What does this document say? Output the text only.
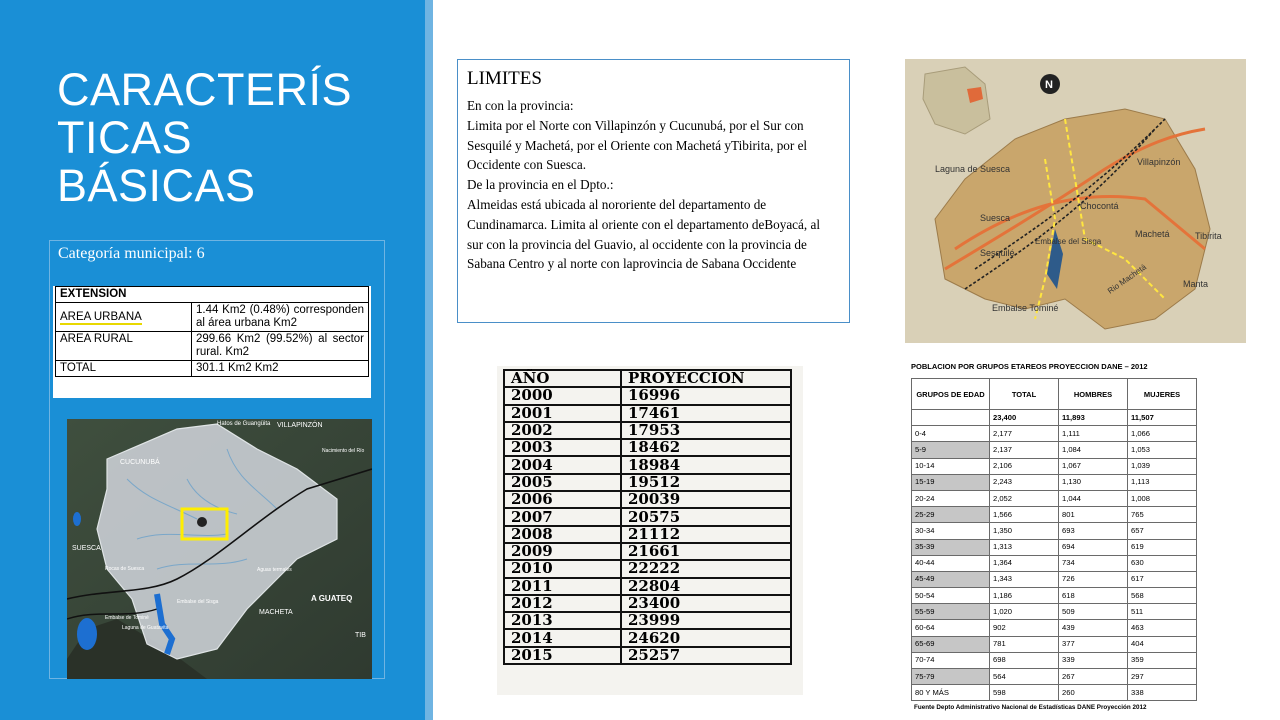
CARACTERÍS TICAS BÁSICAS
Categoría municipal: 6
EXTENSION	
AREA URBANA	1.44 Km2 (0.48%) corresponden al área urbana Km2
AREA RURAL	299.66 Km2 (99.52%) al sector rural. Km2
TOTAL	301.1 Km2 Km2
Hatos de Guangüita VILLAPINZÓN
CUCUNUBÁ
Nacimiento del Río
SUESCA
Rocas de Suesca	Aguas termales
Embalse del Sisga
MACHETA
A GUATEQ
Embalse de Tominé
Laguna de Guatavita
TIB
LIMITES
En con la provincia:
Limita por el Norte con Villapinzón y Cucunubá, por el Sur con Sesquilé y Machetá, por el Oriente con Machetá yTibirita, por el Occidente con Suesca.
De la provincia en el Dpto.:
Almeidas está ubicada al nororiente del departamento de Cundinamarca. Limita al oriente con el departamento deBoyacá, al sur con la provincia del Guavio, al occidente con la provincia de Sabana Centro y al norte con laprovincia de Sabana Occidente
N
Laguna de Suesca
Villapinzón
Chocontá
Machetá
Suesca
Sesquilé
Embalse del Sisga
Tibirita
Rio Machetá	Manta
Embalse Tominé
AÑO	PROYECCION
2000	16996
2001	17461
2002	17953
2003	18462
2004	18984
2005	19512
2006	20039
2007	20575
2008	21112
2009	21661
2010	22222
2011	22804
2012	23400
2013	23999
2014	24620
2015	25257
POBLACION POR GRUPOS ETAREOS PROYECCION DANE – 2012
GRUPOS DE EDAD	TOTAL	HOMBRES	MUJERES
	23,400	11,893	11,507
0-4	2,177	1,111	1,066
5-9	2,137	1,084	1,053
10-14	2,106	1,067	1,039
15-19	2,243	1,130	1,113
20-24	2,052	1,044	1,008
25-29	1,566	801	765
30-34	1,350	693	657
35-39	1,313	694	619
40-44	1,364	734	630
45-49	1,343	726	617
50-54	1,186	618	568
55-59	1,020	509	511
60-64	902	439	463
65-69	781	377	404
70-74	698	339	359
75-79	564	267	297
80 Y MÁS	598	260	338
Fuente Depto Administrativo Nacional de Estadísticas DANE Proyección 2012
